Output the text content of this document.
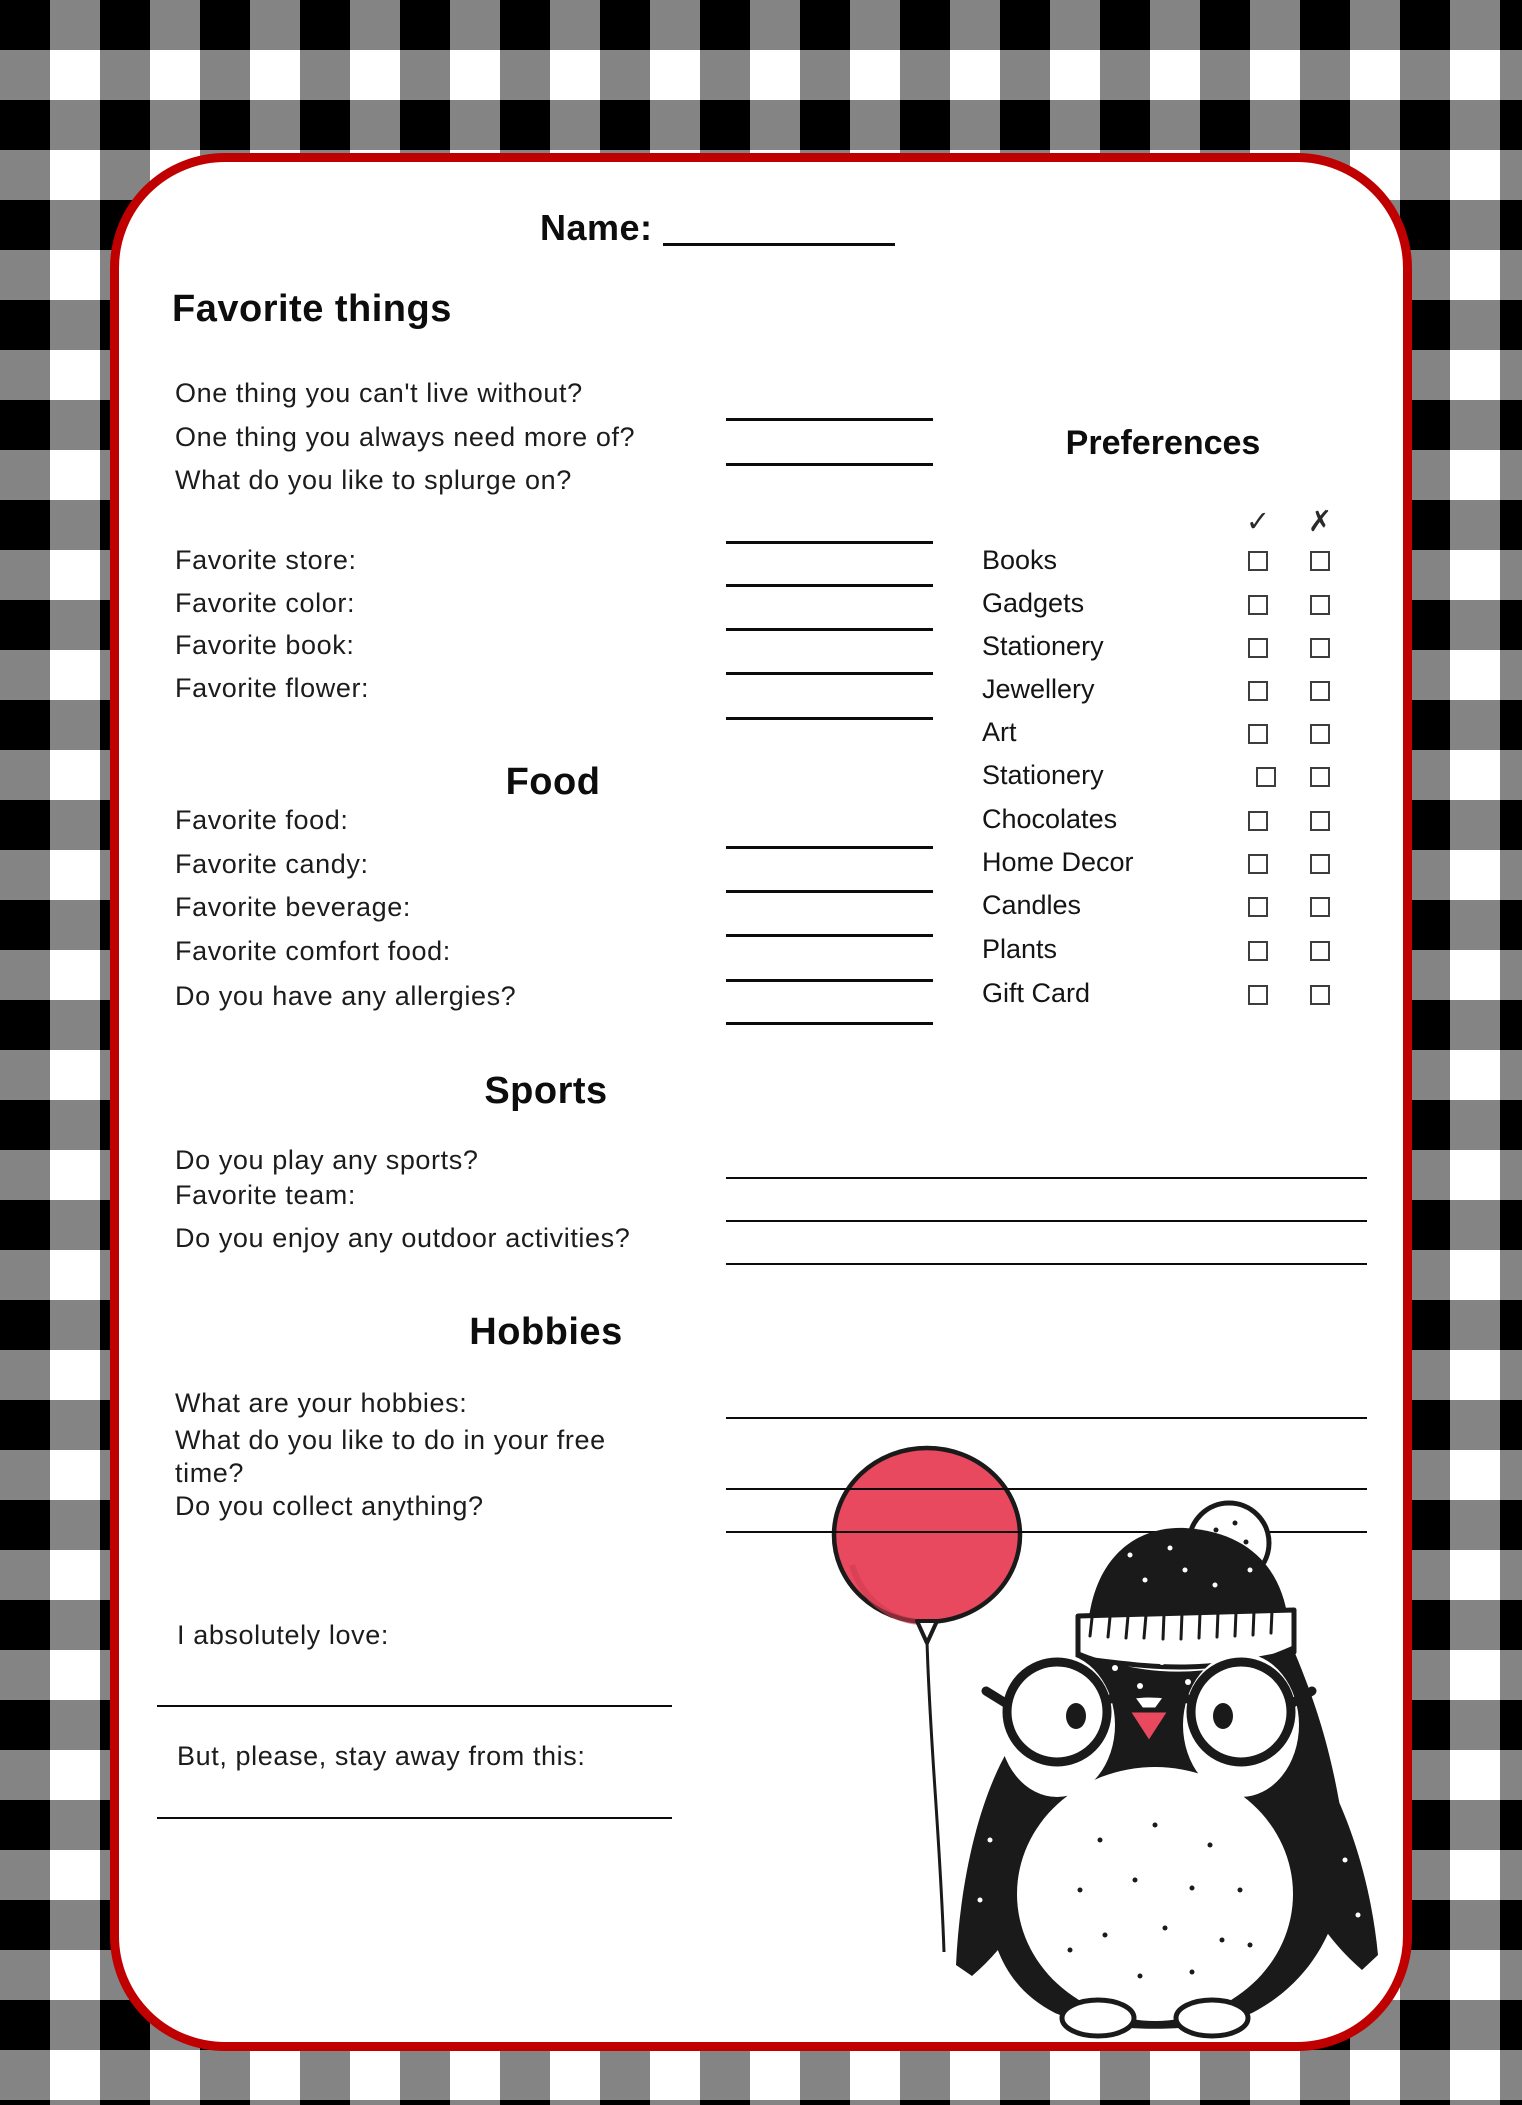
Name:
Favorite things
One thing you can't live without?
One thing you always need more of?
What do you like to splurge on?
Favorite store:
Favorite color:
Favorite book:
Favorite flower:
Preferences
✓ ✗
Books
Gadgets
Stationery
Jewellery
Art
Stationery
Chocolates
Home Decor
Candles
Plants
Gift Card
Food
Favorite food:
Favorite candy:
Favorite beverage:
Favorite comfort food:
Do you have any allergies?
Sports
Do you play any sports?
Favorite team:
Do you enjoy any outdoor activities?
Hobbies
What are your hobbies:
What do you like to do in your free time?
Do you collect anything?
I absolutely love:
But, please, stay away from this:
